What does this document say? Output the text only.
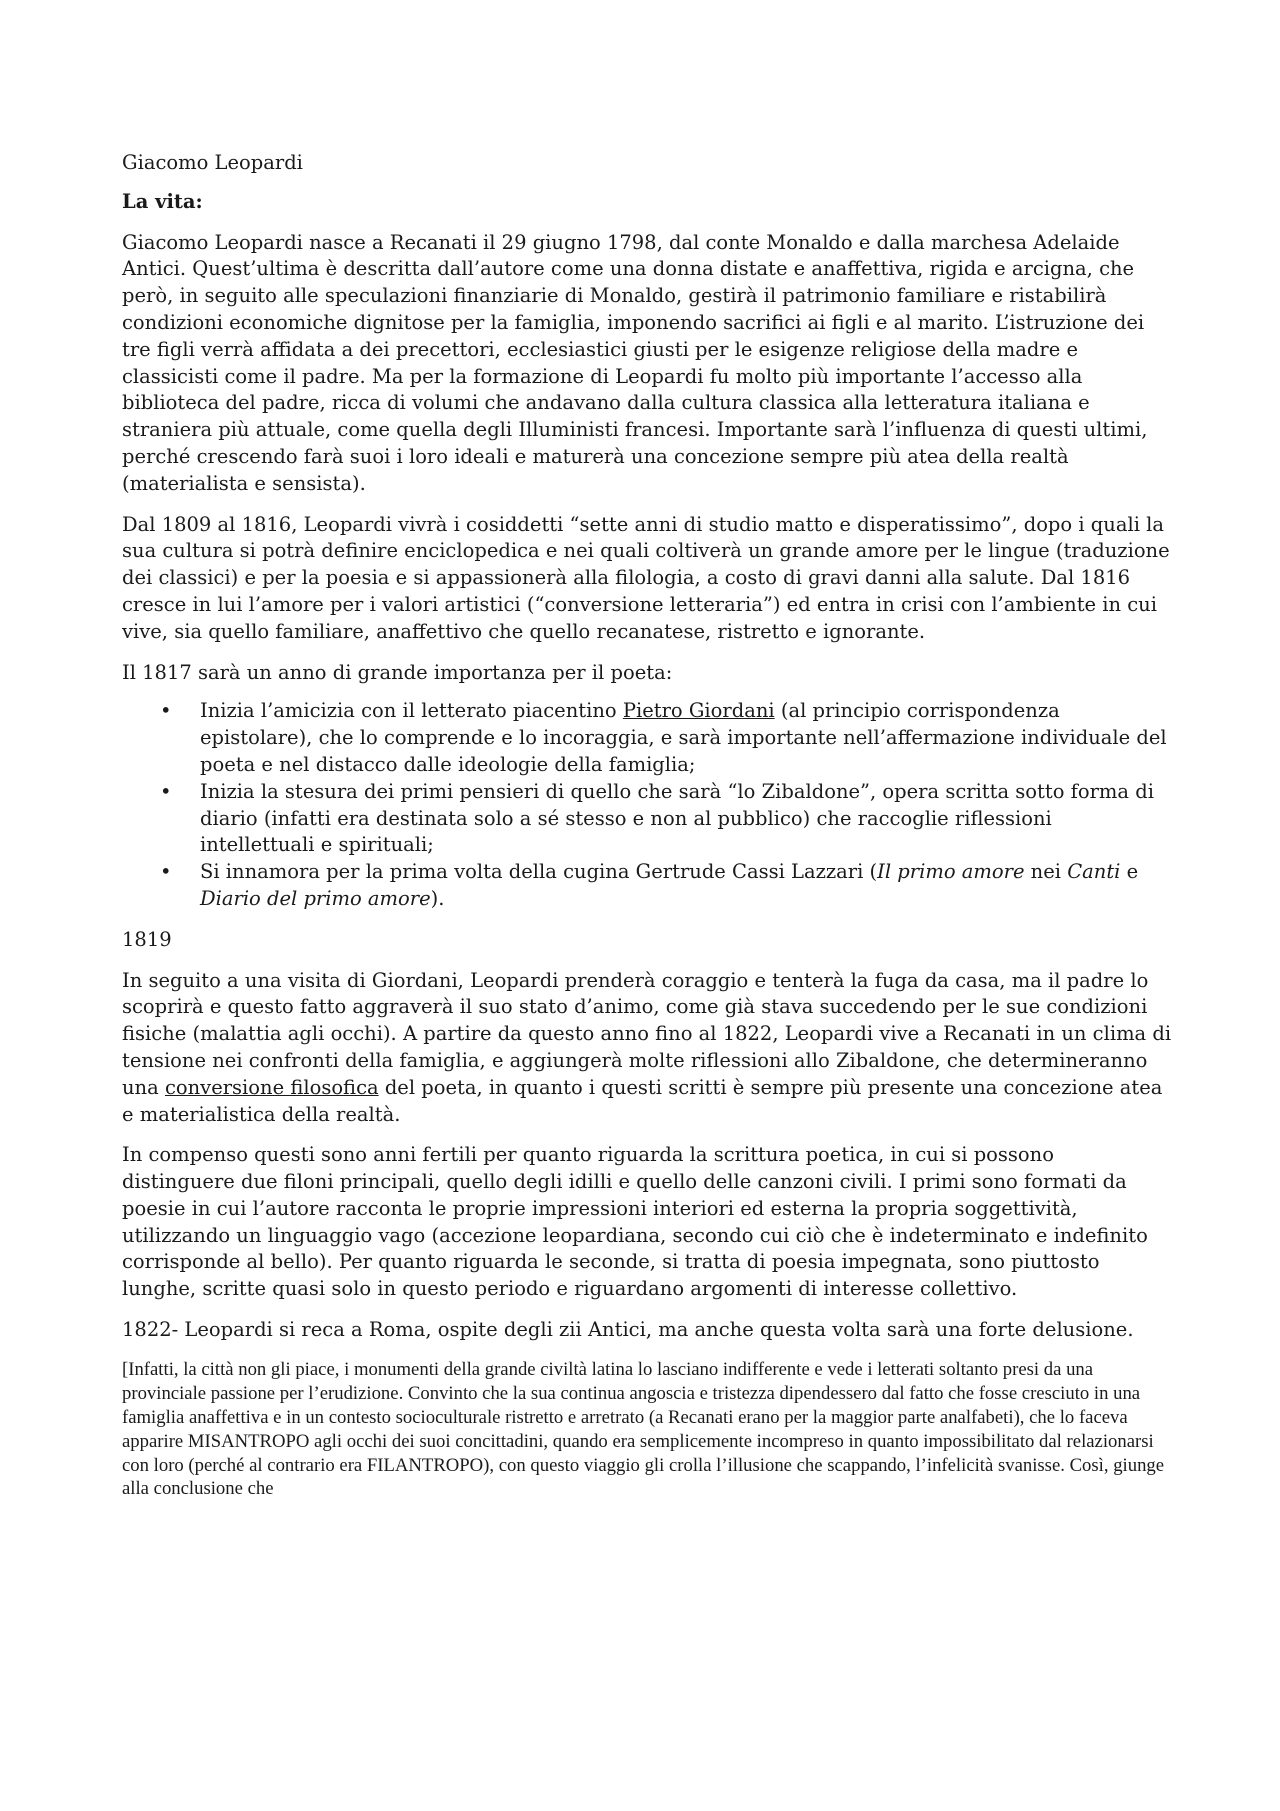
Giacomo Leopardi

La vita:

Giacomo Leopardi nasce a Recanati il 29 giugno 1798, dal conte Monaldo e dalla marchesa Adelaide Antici. Quest’ultima è descritta dall’autore come una donna distate e anaffettiva, rigida e arcigna, che però, in seguito alle speculazioni finanziarie di Monaldo, gestirà il patrimonio familiare e ristabilirà condizioni economiche dignitose per la famiglia, imponendo sacrifici ai figli e al marito. L’istruzione dei tre figli verrà affidata a dei precettori, ecclesiastici giusti per le esigenze religiose della madre e classicisti come il padre. Ma per la formazione di Leopardi fu molto più importante l’accesso alla biblioteca del padre, ricca di volumi che andavano dalla cultura classica alla letteratura italiana e straniera più attuale, come quella degli Illuministi francesi. Importante sarà l’influenza di questi ultimi, perché crescendo farà suoi i loro ideali e maturerà una concezione sempre più atea della realtà (materialista e sensista).

Dal 1809 al 1816, Leopardi vivrà i cosiddetti “sette anni di studio matto e disperatissimo”, dopo i quali la sua cultura si potrà definire enciclopedica e nei quali coltiverà un grande amore per le lingue (traduzione dei classici) e per la poesia e si appassionerà alla filologia, a costo di gravi danni alla salute. Dal 1816 cresce in lui l’amore per i valori artistici (“conversione letteraria”) ed entra in crisi con l’ambiente in cui vive, sia quello familiare, anaffettivo che quello recanatese, ristretto e ignorante.

Il 1817 sarà un anno di grande importanza per il poeta:

• Inizia l’amicizia con il letterato piacentino Pietro Giordani (al principio corrispondenza epistolare), che lo comprende e lo incoraggia, e sarà importante nell’affermazione individuale del poeta e nel distacco dalle ideologie della famiglia;
• Inizia la stesura dei primi pensieri di quello che sarà “lo Zibaldone”, opera scritta sotto forma di diario (infatti era destinata solo a sé stesso e non al pubblico) che raccoglie riflessioni intellettuali e spirituali;
• Si innamora per la prima volta della cugina Gertrude Cassi Lazzari (Il primo amore nei Canti e Diario del primo amore).

1819

In seguito a una visita di Giordani, Leopardi prenderà coraggio e tenterà la fuga da casa, ma il padre lo scoprirà e questo fatto aggraverà il suo stato d’animo, come già stava succedendo per le sue condizioni fisiche (malattia agli occhi). A partire da questo anno fino al 1822, Leopardi vive a Recanati in un clima di tensione nei confronti della famiglia, e aggiungerà molte riflessioni allo Zibaldone, che determineranno una conversione filosofica del poeta, in quanto i questi scritti è sempre più presente una concezione atea e materialistica della realtà.

In compenso questi sono anni fertili per quanto riguarda la scrittura poetica, in cui si possono distinguere due filoni principali, quello degli idilli e quello delle canzoni civili. I primi sono formati da poesie in cui l’autore racconta le proprie impressioni interiori ed esterna la propria soggettività, utilizzando un linguaggio vago (accezione leopardiana, secondo cui ciò che è indeterminato e indefinito corrisponde al bello). Per quanto riguarda le seconde, si tratta di poesia impegnata, sono piuttosto lunghe, scritte quasi solo in questo periodo e riguardano argomenti di interesse collettivo.

1822- Leopardi si reca a Roma, ospite degli zii Antici, ma anche questa volta sarà una forte delusione.

[Infatti, la città non gli piace, i monumenti della grande civiltà latina lo lasciano indifferente e vede i letterati soltanto presi da una provinciale passione per l’erudizione. Convinto che la sua continua angoscia e tristezza dipendessero dal fatto che fosse cresciuto in una famiglia anaffettiva e in un contesto socioculturale ristretto e arretrato (a Recanati erano per la maggior parte analfabeti), che lo faceva apparire MISANTROPO agli occhi dei suoi concittadini, quando era semplicemente incompreso in quanto impossibilitato dal relazionarsi con loro (perché al contrario era FILANTROPO), con questo viaggio gli crolla l’illusione che scappando, l’infelicità svanisse. Così, giunge alla conclusione che
